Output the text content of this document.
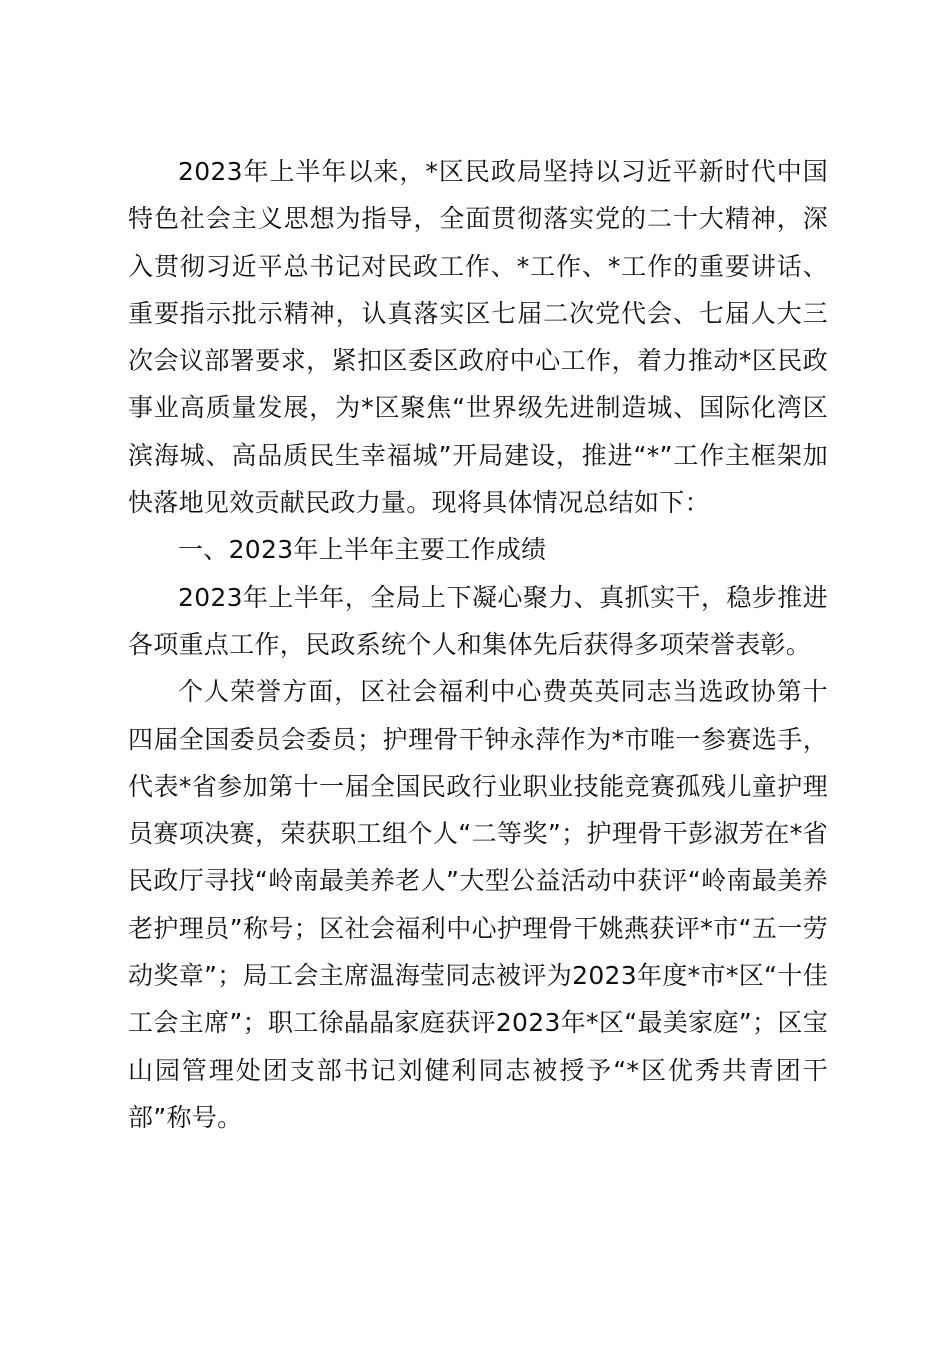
2023年上半年以来，*区民政局坚持以习近平新时代中国特色社会主义思想为指导，全面贯彻落实党的二十大精神，深入贯彻习近平总书记对民政工作、*工作、*工作的重要讲话、重要指示批示精神，认真落实区七届二次党代会、七届人大三次会议部署要求，紧扣区委区政府中心工作，着力推动*区民政事业高质量发展，为*区聚焦“世界级先进制造城、国际化湾区滨海城、高品质民生幸福城”开局建设，推进“*”工作主框架加快落地见效贡献民政力量。现将具体情况总结如下：

一、2023年上半年主要工作成绩

2023年上半年，全局上下凝心聚力、真抓实干，稳步推进各项重点工作，民政系统个人和集体先后获得多项荣誉表彰。

个人荣誉方面，区社会福利中心费英英同志当选政协第十四届全国委员会委员；护理骨干钟永萍作为*市唯一参赛选手，代表*省参加第十一届全国民政行业职业技能竞赛孤残儿童护理员赛项决赛，荣获职工组个人“二等奖”；护理骨干彭淑芳在*省民政厅寻找“岭南最美养老人”大型公益活动中获评“岭南最美养老护理员”称号；区社会福利中心护理骨干姚燕获评*市“五一劳动奖章”；局工会主席温海莹同志被评为2023年度*市*区“十佳工会主席”；职工徐晶晶家庭获评2023年*区“最美家庭”；区宝山园管理处团支部书记刘健利同志被授予“*区优秀共青团干部”称号。
